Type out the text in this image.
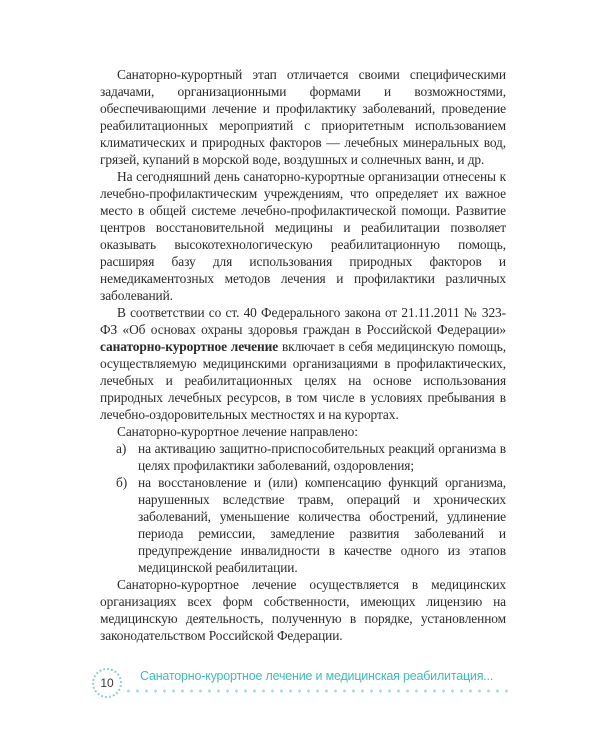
Санаторно-курортный этап отличается своими специфическими задачами, организационными формами и возможностями, обеспечивающими лечение и профилактику заболеваний, проведение реабилитационных мероприятий с приоритетным использованием климатических и природных факторов — лечебных минеральных вод, грязей, купаний в морской воде, воздушных и солнечных ванн, и др.

На сегодняшний день санаторно-курортные организации отнесены к лечебно-профилактическим учреждениям, что определяет их важное место в общей системе лечебно-профилактической помощи. Развитие центров восстановительной медицины и реабилитации позволяет оказывать высокотехнологическую реабилитационную помощь, расширяя базу для использования природных факторов и немедикаментозных методов лечения и профилактики различных заболеваний.

В соответствии со ст. 40 Федерального закона от 21.11.2011 № 323-ФЗ «Об основах охраны здоровья граждан в Российской Федерации» санаторно-курортное лечение включает в себя медицинскую помощь, осуществляемую медицинскими организациями в профилактических, лечебных и реабилитационных целях на основе использования природных лечебных ресурсов, в том числе в условиях пребывания в лечебно-оздоровительных местностях и на курортах.

Санаторно-курортное лечение направлено:

а) на активацию защитно-приспособительных реакций организма в целях профилактики заболеваний, оздоровления;
б) на восстановление и (или) компенсацию функций организма, нарушенных вследствие травм, операций и хронических заболеваний, уменьшение количества обострений, удлинение периода ремиссии, замедление развития заболеваний и предупреждение инвалидности в качестве одного из этапов медицинской реабилитации.

Санаторно-курортное лечение осуществляется в медицинских организациях всех форм собственности, имеющих лицензию на медицинскую деятельность, полученную в порядке, установленном законодательством Российской Федерации.

10	Санаторно-курортное лечение и медицинская реабилитация...
